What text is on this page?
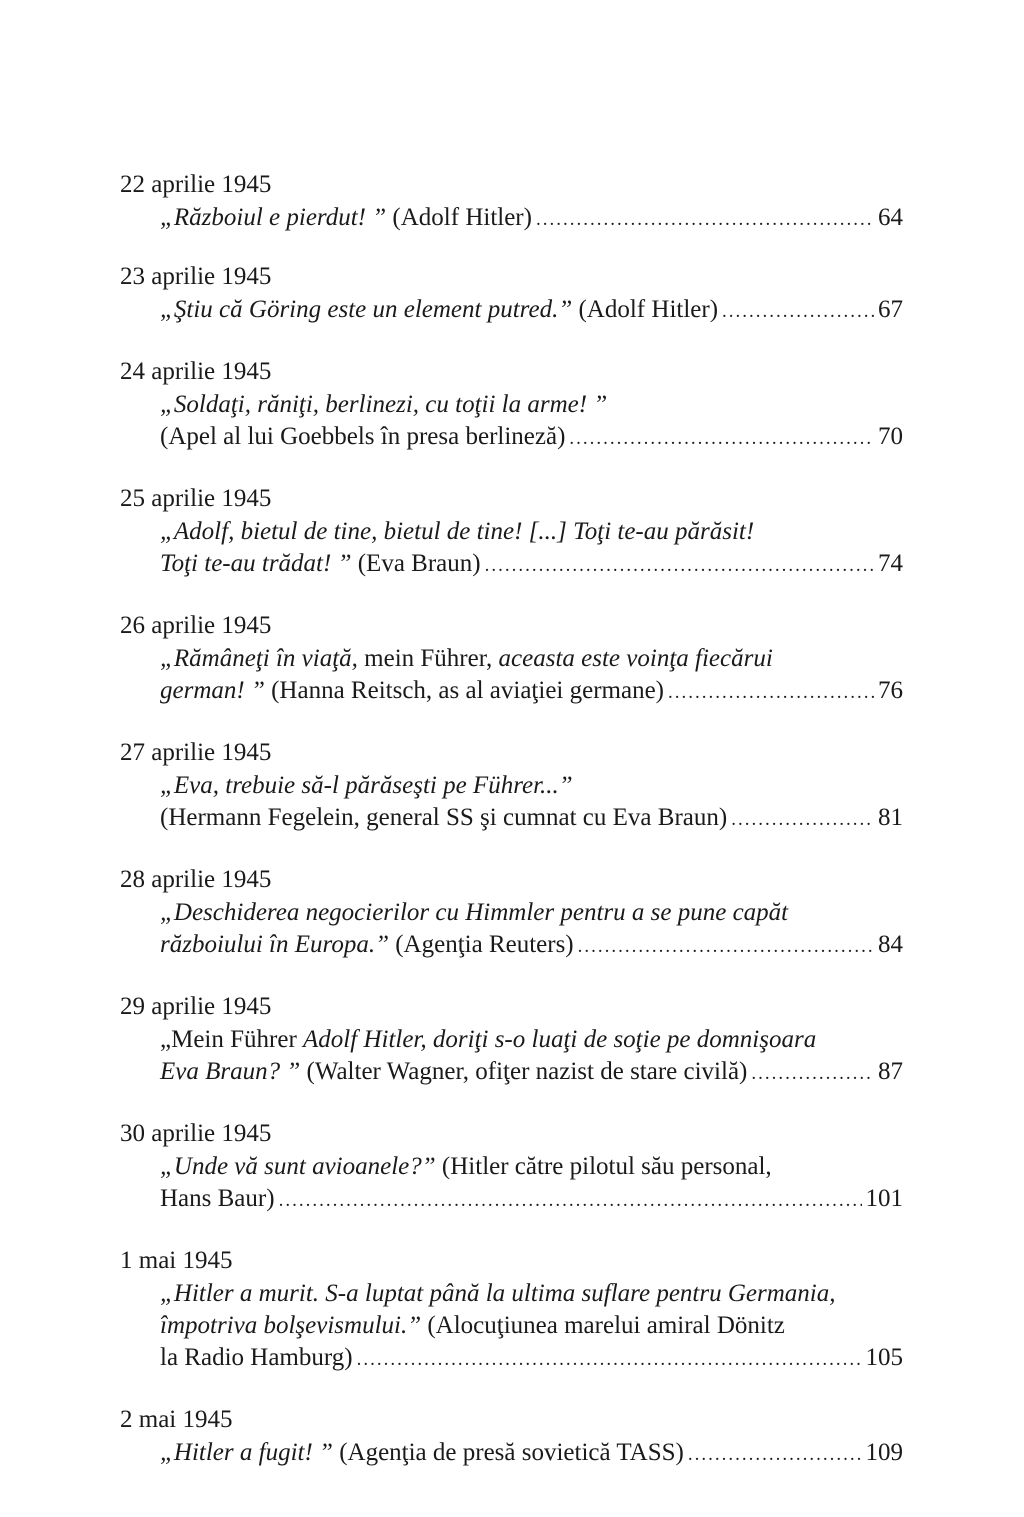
22 aprilie 1945
„Războiul e pierdut! ” (Adolf Hitler) .....	64
23 aprilie 1945
„Ştiu că Göring este un element putred.” (Adolf Hitler) .....	67
24 aprilie 1945
„Soldaţi, răniţi, berlinezi, cu toţii la arme! ”
(Apel al lui Goebbels în presa berlineză) .....	70
25 aprilie 1945
„Adolf, bietul de tine, bietul de tine! [...] Toţi te-au părăsit!
Toţi te-au trădat! ” (Eva Braun) .....	74
26 aprilie 1945
„Rămâneţi în viaţă, mein Führer, aceasta este voinţa fiecărui
german! ” (Hanna Reitsch, as al aviaţiei germane) .....	76
27 aprilie 1945
„Eva, trebuie să-l părăseşti pe Führer...”
(Hermann Fegelein, general SS şi cumnat cu Eva Braun) .....	81
28 aprilie 1945
„Deschiderea negocierilor cu Himmler pentru a se pune capăt
războiului în Europa.” (Agenţia Reuters) .....	84
29 aprilie 1945
„Mein Führer Adolf Hitler, doriţi s-o luaţi de soţie pe domnişoara
Eva Braun? ” (Walter Wagner, ofiţer nazist de stare civilă) .....	87
30 aprilie 1945
„Unde vă sunt avioanele?” (Hitler către pilotul său personal,
Hans Baur) .....	101
1 mai 1945
„Hitler a murit. S-a luptat până la ultima suflare pentru Germania,
împotriva bolşevismului.” (Alocuţiunea marelui amiral Dönitz
la Radio Hamburg) .....	105
2 mai 1945
„Hitler a fugit! ” (Agenţia de presă sovietică TASS) .....	109
